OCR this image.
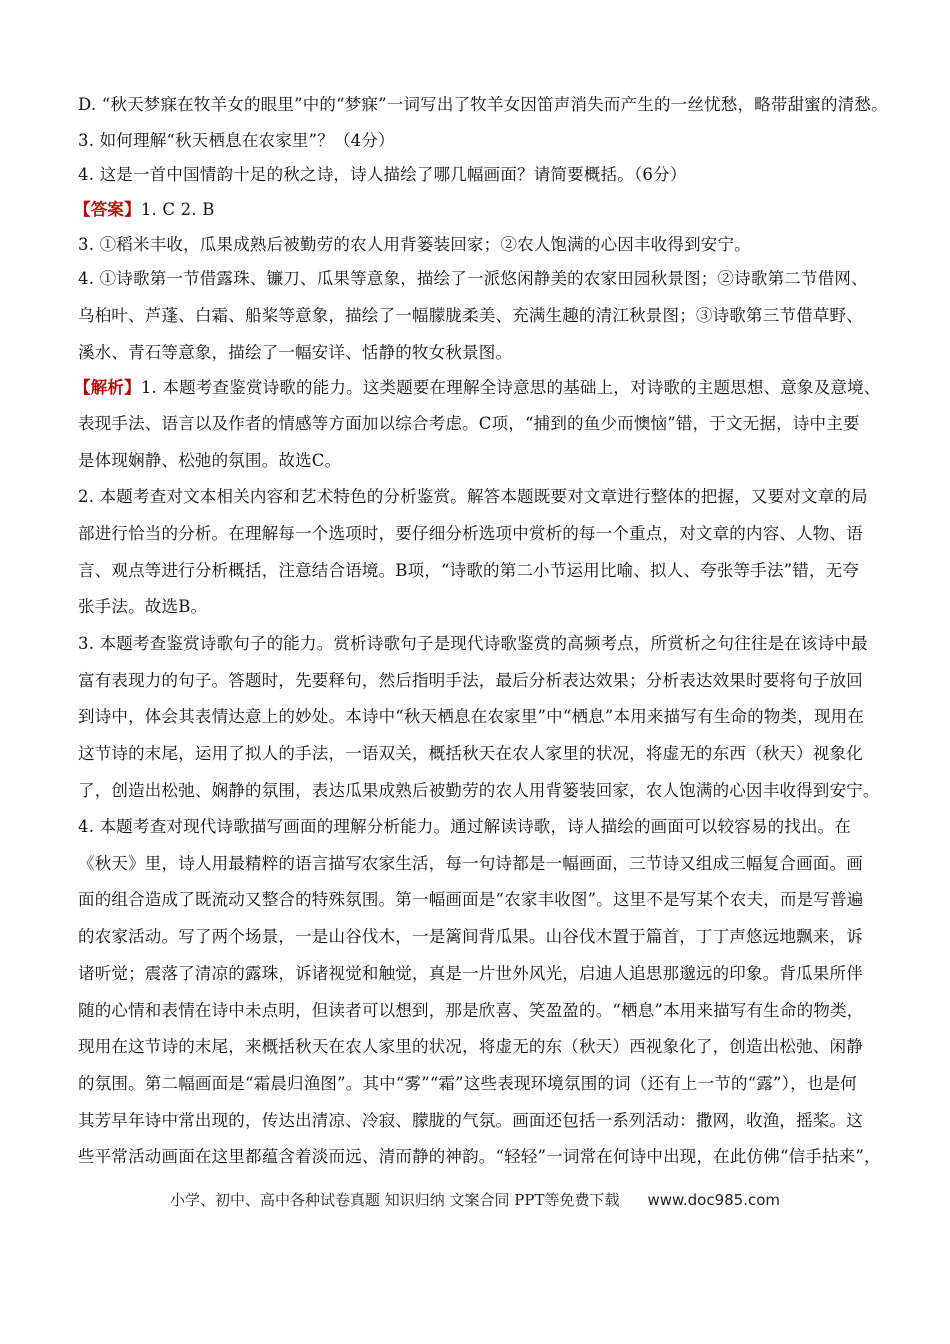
D. “秋天梦寐在牧羊女的眼里”中的“梦寐”一词写出了牧羊女因笛声消失而产生的一丝忧愁，略带甜蜜的清愁。
3. 如何理解“秋天栖息在农家里”？（4分）
4. 这是一首中国情韵十足的秋之诗，诗人描绘了哪几幅画面？请简要概括。（6分）
【答案】1. C 2. B
3. ①稻米丰收，瓜果成熟后被勤劳的农人用背篓装回家；②农人饱满的心因丰收得到安宁。
4. ①诗歌第一节借露珠、镰刀、瓜果等意象，描绘了一派悠闲静美的农家田园秋景图；②诗歌第二节借网、
乌桕叶、芦蓬、白霜、船桨等意象，描绘了一幅朦胧柔美、充满生趣的清江秋景图；③诗歌第三节借草野、
溪水、青石等意象，描绘了一幅安详、恬静的牧女秋景图。
【解析】1. 本题考查鉴赏诗歌的能力。这类题要在理解全诗意思的基础上，对诗歌的主题思想、意象及意境、
表现手法、语言以及作者的情感等方面加以综合考虑。C项，“捕到的鱼少而懊恼”错，于文无据，诗中主要
是体现娴静、松弛的氛围。故选C。
2. 本题考查对文本相关内容和艺术特色的分析鉴赏。解答本题既要对文章进行整体的把握，又要对文章的局
部进行恰当的分析。在理解每一个选项时，要仔细分析选项中赏析的每一个重点，对文章的内容、人物、语
言、观点等进行分析概括，注意结合语境。B项，“诗歌的第二小节运用比喻、拟人、夸张等手法”错，无夸
张手法。故选B。
3. 本题考查鉴赏诗歌句子的能力。赏析诗歌句子是现代诗歌鉴赏的高频考点，所赏析之句往往是在该诗中最
富有表现力的句子。答题时，先要释句，然后指明手法，最后分析表达效果；分析表达效果时要将句子放回
到诗中，体会其表情达意上的妙处。本诗中“秋天栖息在农家里”中“栖息”本用来描写有生命的物类，现用在
这节诗的末尾，运用了拟人的手法，一语双关，概括秋天在农人家里的状况，将虚无的东西（秋天）视象化
了，创造出松弛、娴静的氛围，表达瓜果成熟后被勤劳的农人用背篓装回家，农人饱满的心因丰收得到安宁。
4. 本题考查对现代诗歌描写画面的理解分析能力。通过解读诗歌，诗人描绘的画面可以较容易的找出。在
《秋天》里，诗人用最精粹的语言描写农家生活，每一句诗都是一幅画面，三节诗又组成三幅复合画面。画
面的组合造成了既流动又整合的特殊氛围。第一幅画面是“农家丰收图”。这里不是写某个农夫，而是写普遍
的农家活动。写了两个场景，一是山谷伐木，一是篱间背瓜果。山谷伐木置于篇首，丁丁声悠远地飘来，诉
诸听觉；震落了清凉的露珠，诉诸视觉和触觉，真是一片世外风光，启迪人追思那邈远的印象。背瓜果所伴
随的心情和表情在诗中未点明，但读者可以想到，那是欣喜、笑盈盈的。“栖息”本用来描写有生命的物类，
现用在这节诗的末尾，来概括秋天在农人家里的状况，将虚无的东（秋天）西视象化了，创造出松弛、闲静
的氛围。第二幅画面是“霜晨归渔图”。其中“雾”“霜”这些表现环境氛围的词（还有上一节的“露”），也是何
其芳早年诗中常出现的，传达出清凉、冷寂、朦胧的气氛。画面还包括一系列活动：撒网，收渔，摇桨。这
些平常活动画面在这里都蕴含着淡而远、清而静的神韵。“轻轻”一词常在何诗中出现，在此仿佛“信手拈来”，
小学、初中、高中各种试卷真题 知识归纳 文案合同 PPT等免费下载 www.doc985.com
